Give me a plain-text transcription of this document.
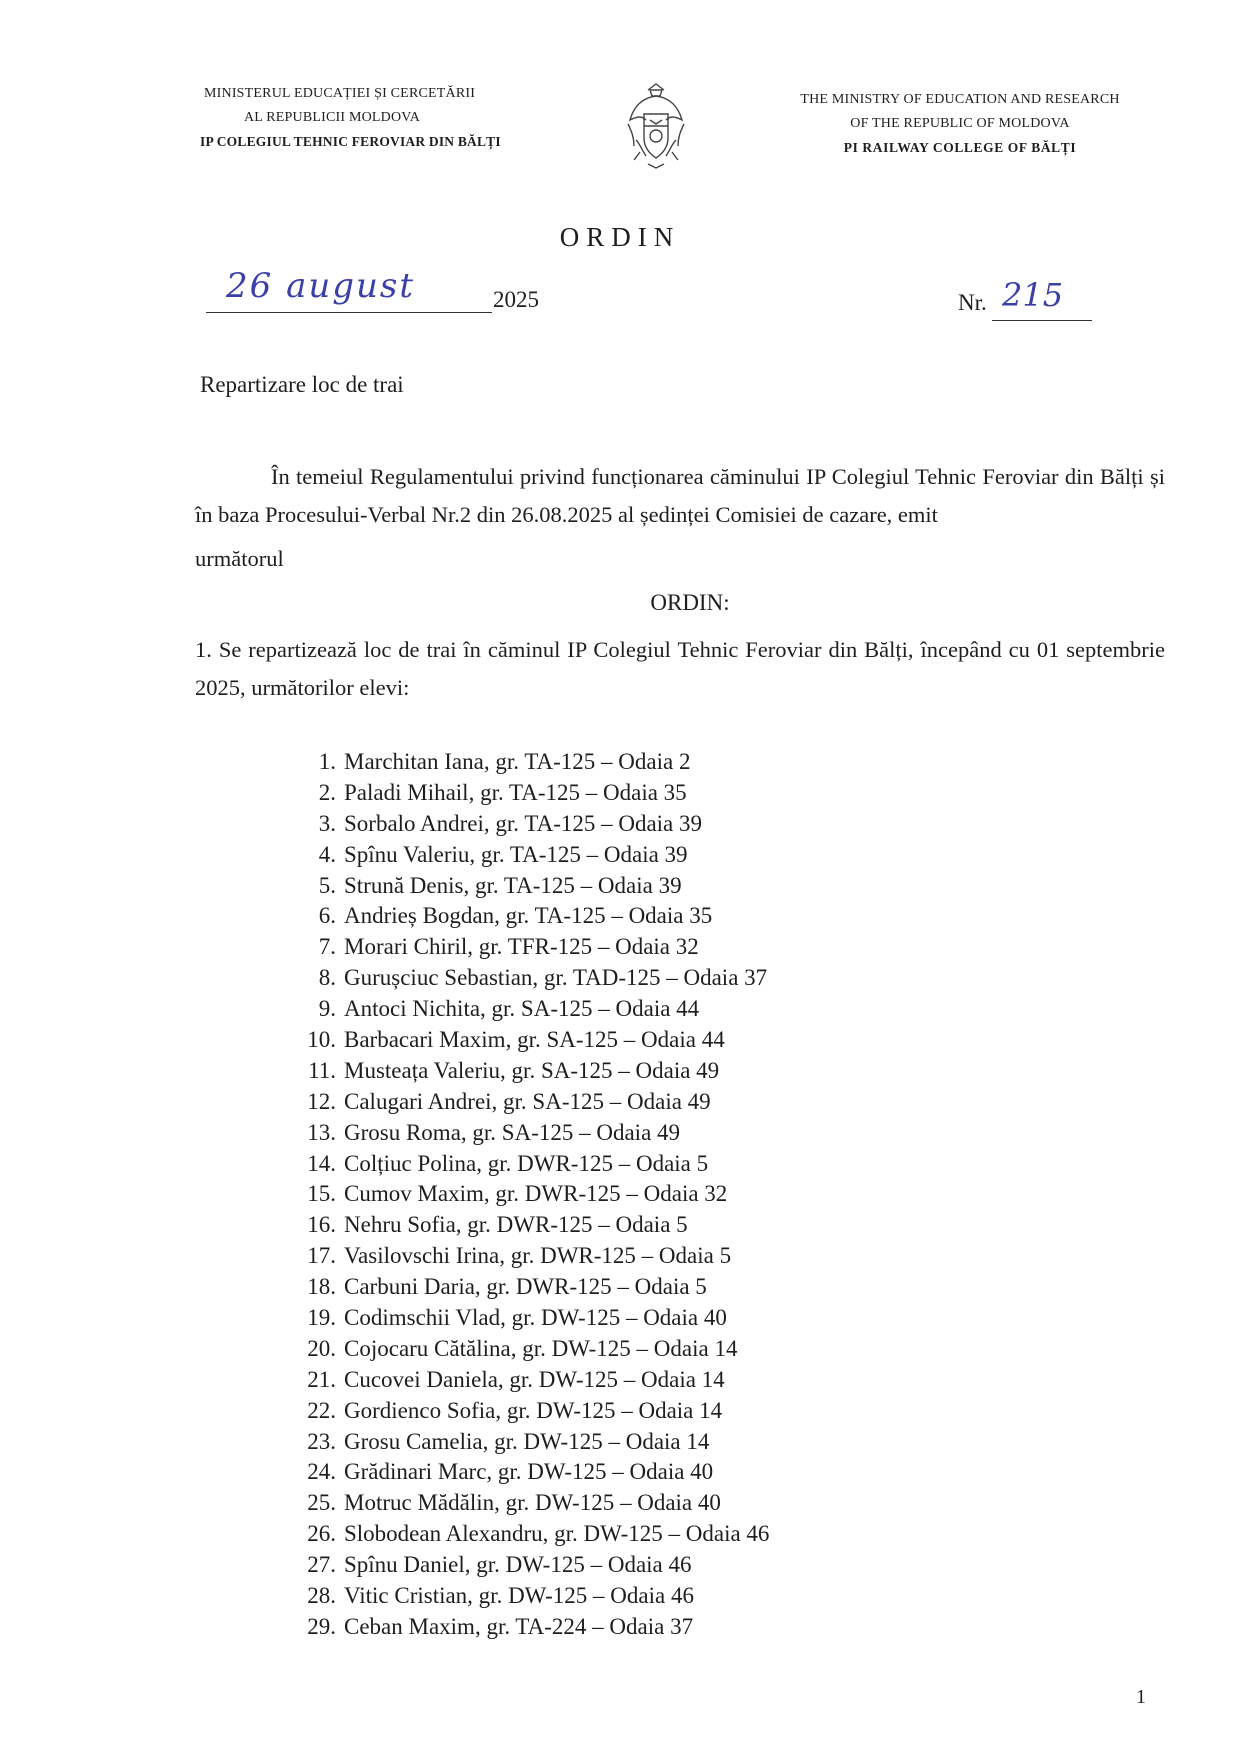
MINISTERUL EDUCAȚIEI ȘI CERCETĂRII
AL REPUBLICII MOLDOVA
IP COLEGIUL TEHNIC FEROVIAR DIN BĂLȚI
THE MINISTRY OF EDUCATION AND RESEARCH
OF THE REPUBLIC OF MOLDOVA
PI RAILWAY COLLEGE OF BĂLȚI
ORDIN
26 august	2025	Nr. 215
Repartizare loc de trai
În temeiul Regulamentului privind funcționarea căminului IP Colegiul Tehnic Feroviar din Bălți și în baza Procesului-Verbal Nr.2 din 26.08.2025 al ședinței Comisiei de cazare, emit
următorul
ORDIN:
1. Se repartizează loc de trai în căminul IP Colegiul Tehnic Feroviar din Bălți, începând cu 01 septembrie 2025, următorilor elevi:
1. Marchitan Iana, gr. TA-125 – Odaia 2
2. Paladi Mihail, gr. TA-125 – Odaia 35
3. Sorbalo Andrei, gr. TA-125 – Odaia 39
4. Spînu Valeriu, gr. TA-125 – Odaia 39
5. Strună Denis, gr. TA-125 – Odaia 39
6. Andrieș Bogdan, gr. TA-125 – Odaia 35
7. Morari Chiril, gr. TFR-125 – Odaia 32
8. Gurușciuc Sebastian, gr. TAD-125 – Odaia 37
9. Antoci Nichita, gr. SA-125 – Odaia 44
10. Barbacari Maxim, gr. SA-125 – Odaia 44
11. Musteața Valeriu, gr. SA-125 – Odaia 49
12. Calugari Andrei, gr. SA-125 – Odaia 49
13. Grosu Roma, gr. SA-125 – Odaia 49
14. Colțiuc Polina, gr. DWR-125 – Odaia 5
15. Cumov Maxim, gr. DWR-125 – Odaia 32
16. Nehru Sofia, gr. DWR-125 – Odaia 5
17. Vasilovschi Irina, gr. DWR-125 – Odaia 5
18. Carbuni Daria, gr. DWR-125 – Odaia 5
19. Codimschii Vlad, gr. DW-125 – Odaia 40
20. Cojocaru Cătălina, gr. DW-125 – Odaia 14
21. Cucovei Daniela, gr. DW-125 – Odaia 14
22. Gordienco Sofia, gr. DW-125 – Odaia 14
23. Grosu Camelia, gr. DW-125 – Odaia 14
24. Grădinari Marc, gr. DW-125 – Odaia 40
25. Motruc Mădălin, gr. DW-125 – Odaia 40
26. Slobodean Alexandru, gr. DW-125 – Odaia 46
27. Spînu Daniel, gr. DW-125 – Odaia 46
28. Vitic Cristian, gr. DW-125 – Odaia 46
29. Ceban Maxim, gr. TA-224 – Odaia 37
1
